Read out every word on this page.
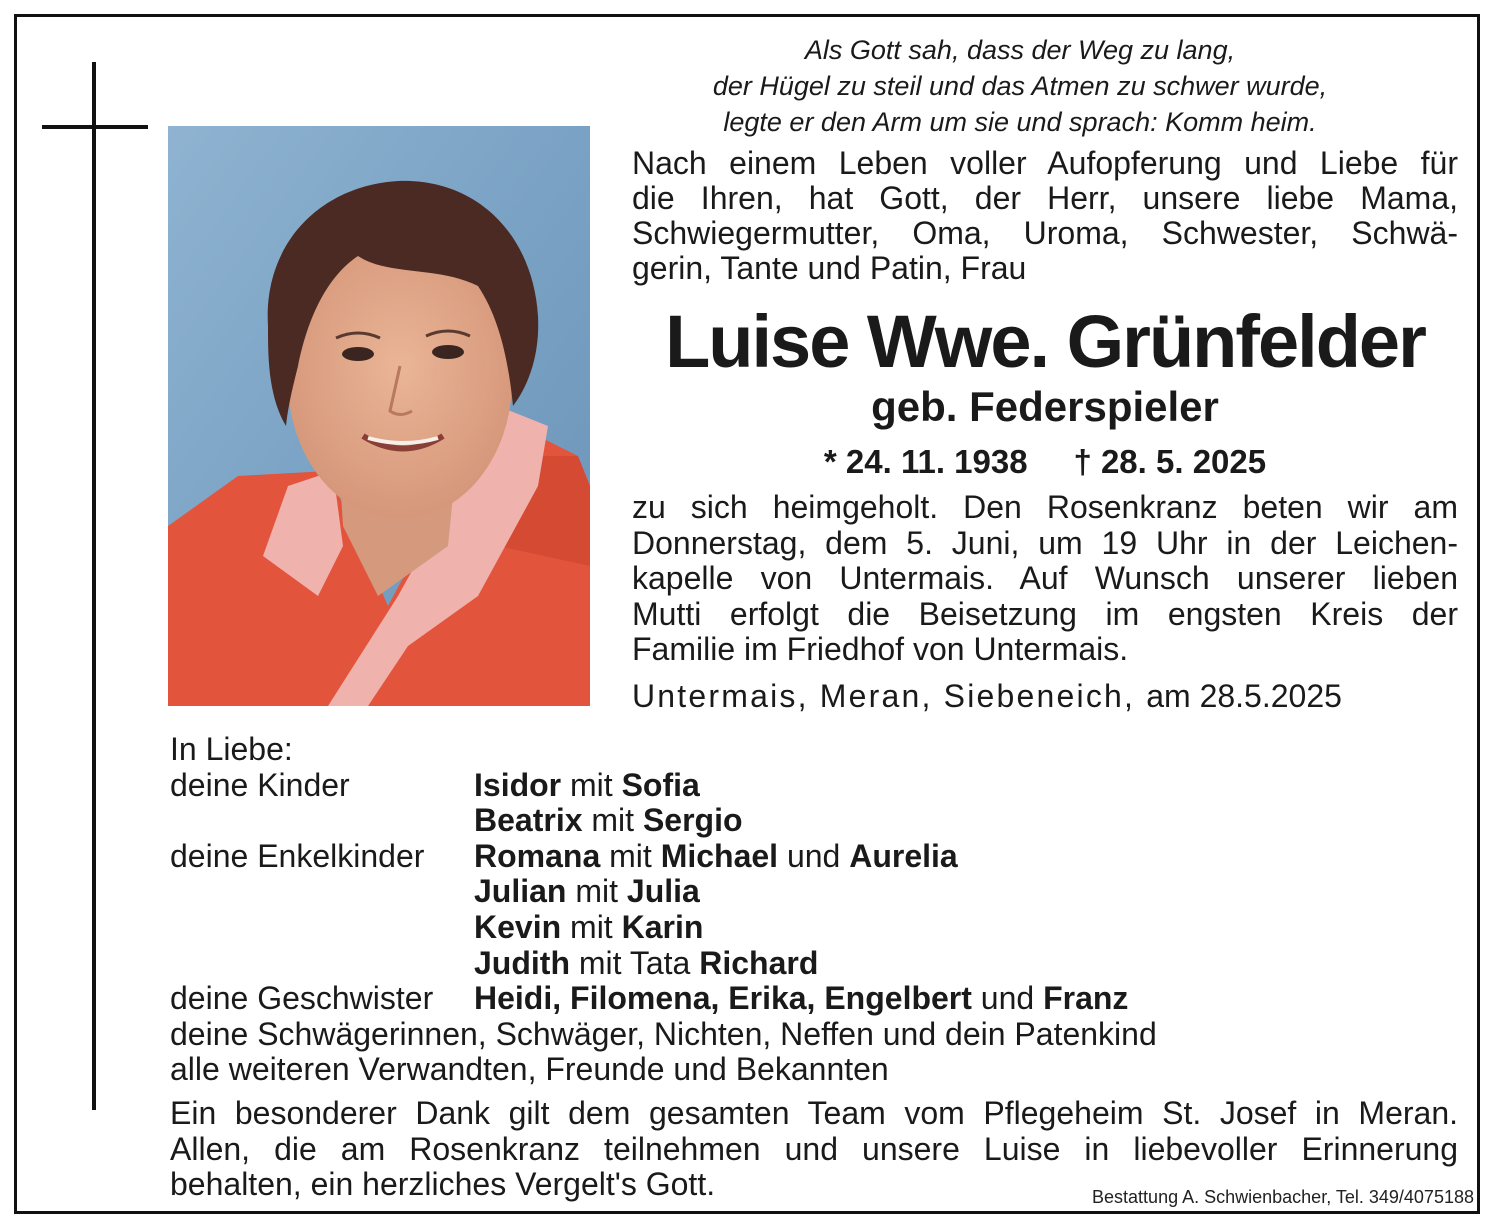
Als Gott sah, dass der Weg zu lang,
der Hügel zu steil und das Atmen zu schwer wurde,
legte er den Arm um sie und sprach: Komm heim.
Nach einem Leben voller Aufopferung und Liebe für
die Ihren, hat Gott, der Herr, unsere liebe Mama,
Schwiegermutter, Oma, Uroma, Schwester, Schwä-
gerin, Tante und Patin, Frau
Luise Wwe. Grünfelder
geb. Federspieler
* 24. 11. 1938 † 28. 5. 2025
zu sich heimgeholt. Den Rosenkranz beten wir am
Donnerstag, dem 5. Juni, um 19 Uhr in der Leichen-
kapelle von Untermais. Auf Wunsch unserer lieben
Mutti erfolgt die Beisetzung im engsten Kreis der
Familie im Friedhof von Untermais.
Untermais, Meran, Siebeneich, am 28.5.2025
In Liebe:
deine Kinder	Isidor mit Sofia
Beatrix mit Sergio
deine Enkelkinder	Romana mit Michael und Aurelia
Julian mit Julia
Kevin mit Karin
Judith mit Tata Richard
deine Geschwister	Heidi, Filomena, Erika, Engelbert und Franz
deine Schwägerinnen, Schwäger, Nichten, Neffen und dein Patenkind
alle weiteren Verwandten, Freunde und Bekannten
Ein besonderer Dank gilt dem gesamten Team vom Pflegeheim St. Josef in Meran.
Allen, die am Rosenkranz teilnehmen und unsere Luise in liebevoller Erinnerung
behalten, ein herzliches Vergelt's Gott.	Bestattung A. Schwienbacher, Tel. 349/4075188
